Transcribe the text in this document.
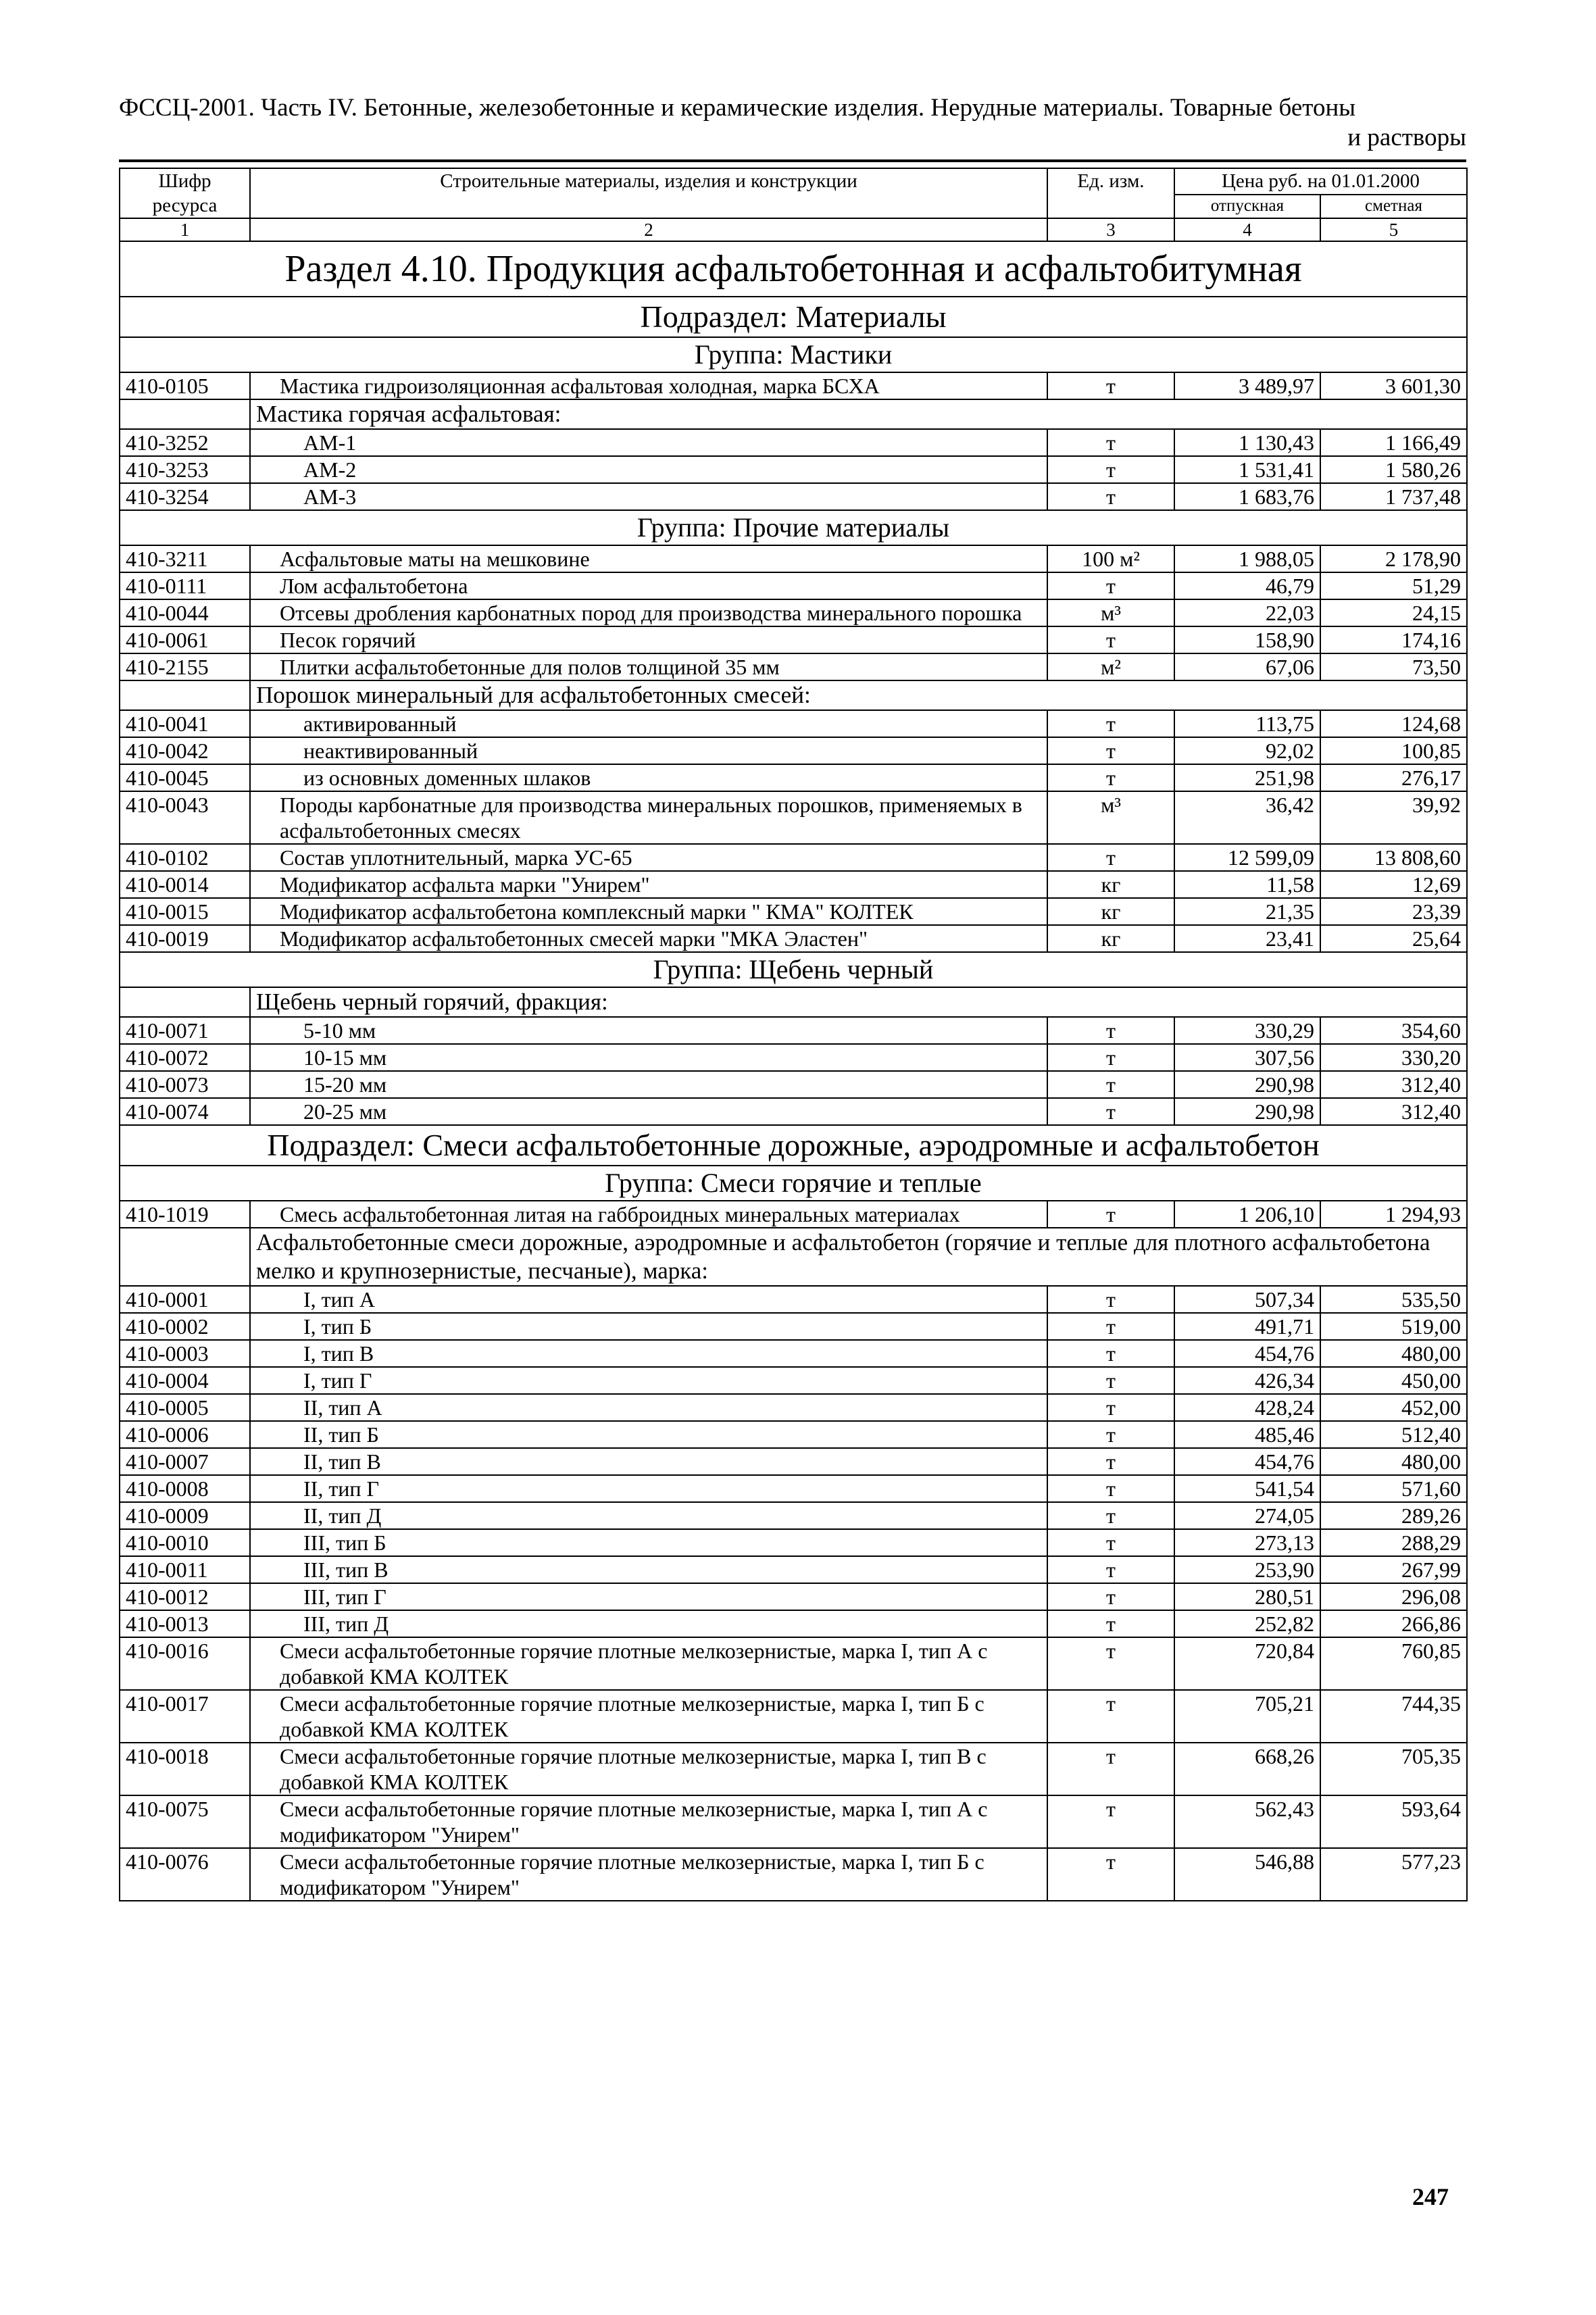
ФССЦ-2001. Часть IV. Бетонные, железобетонные и керамические изделия. Нерудные материалы. Товарные бетоны
и растворы
Шифр ресурса	Строительные материалы, изделия и конструкции	Ед. изм.	Цена руб. на 01.01.2000	
			отпускная	сметная
1	2	3	4	5
Раздел 4.10. Продукция асфальтобетонная и асфальтобитумная				
Подраздел: Материалы				
Группа: Мастики				
410-0105	Мастика гидроизоляционная асфальтовая холодная, марка БСХА	т	3 489,97	3 601,30
	Мастика горячая асфальтовая:			
410-3252	АМ-1	т	1 130,43	1 166,49
410-3253	АМ-2	т	1 531,41	1 580,26
410-3254	АМ-3	т	1 683,76	1 737,48
Группа: Прочие материалы				
410-3211	Асфальтовые маты на мешковине	100 м²	1 988,05	2 178,90
410-0111	Лом асфальтобетона	т	46,79	51,29
410-0044	Отсевы дробления карбонатных пород для производства минерального порошка	м³	22,03	24,15
410-0061	Песок горячий	т	158,90	174,16
410-2155	Плитки асфальтобетонные для полов толщиной 35 мм	м²	67,06	73,50
	Порошок минеральный для асфальтобетонных смесей:			
410-0041	активированный	т	113,75	124,68
410-0042	неактивированный	т	92,02	100,85
410-0045	из основных доменных шлаков	т	251,98	276,17
410-0043	Породы карбонатные для производства минеральных порошков, применяемых в асфальтобетонных смесях	м³	36,42	39,92
410-0102	Состав уплотнительный, марка УС-65	т	12 599,09	13 808,60
410-0014	Модификатор асфальта марки "Унирем"	кг	11,58	12,69
410-0015	Модификатор асфальтобетона комплексный марки " КМА" КОЛТЕК	кг	21,35	23,39
410-0019	Модификатор асфальтобетонных смесей марки "МКА Эластен"	кг	23,41	25,64
Группа: Щебень черный				
	Щебень черный горячий, фракция:			
410-0071	5-10 мм	т	330,29	354,60
410-0072	10-15 мм	т	307,56	330,20
410-0073	15-20 мм	т	290,98	312,40
410-0074	20-25 мм	т	290,98	312,40
Подраздел: Смеси асфальтобетонные дорожные, аэродромные и асфальтобетон				
Группа: Смеси горячие и теплые				
410-1019	Смесь асфальтобетонная литая на габброидных минеральных материалах	т	1 206,10	1 294,93
	Асфальтобетонные смеси дорожные, аэродромные и асфальтобетон (горячие и теплые для плотного асфальтобетона мелко и крупнозернистые, песчаные), марка:			
410-0001	I, тип А	т	507,34	535,50
410-0002	I, тип Б	т	491,71	519,00
410-0003	I, тип В	т	454,76	480,00
410-0004	I, тип Г	т	426,34	450,00
410-0005	II, тип А	т	428,24	452,00
410-0006	II, тип Б	т	485,46	512,40
410-0007	II, тип В	т	454,76	480,00
410-0008	II, тип Г	т	541,54	571,60
410-0009	II, тип Д	т	274,05	289,26
410-0010	III, тип Б	т	273,13	288,29
410-0011	III, тип В	т	253,90	267,99
410-0012	III, тип Г	т	280,51	296,08
410-0013	III, тип Д	т	252,82	266,86
410-0016	Смеси асфальтобетонные горячие плотные мелкозернистые, марка I, тип А с добавкой КМА КОЛТЕК	т	720,84	760,85
410-0017	Смеси асфальтобетонные горячие плотные мелкозернистые, марка I, тип Б с добавкой КМА КОЛТЕК	т	705,21	744,35
410-0018	Смеси асфальтобетонные горячие плотные мелкозернистые, марка I, тип В с добавкой КМА КОЛТЕК	т	668,26	705,35
410-0075	Смеси асфальтобетонные горячие плотные мелкозернистые, марка I, тип А с модификатором "Унирем"	т	562,43	593,64
410-0076	Смеси асфальтобетонные горячие плотные мелкозернистые, марка I, тип Б с модификатором "Унирем"	т	546,88	577,23
247
